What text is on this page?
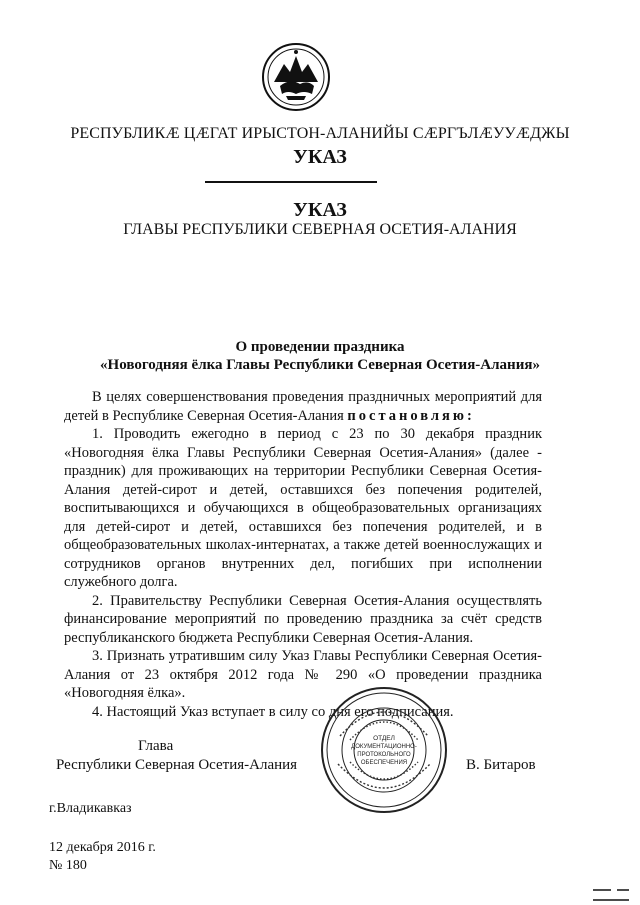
РЕСПУБЛИКӔ ЦӔГАТ ИРЫСТОН-АЛАНИЙЫ СӔРГЪЛӔУУӔДЖЫ
УКАЗ
УКАЗ
ГЛАВЫ РЕСПУБЛИКИ СЕВЕРНАЯ ОСЕТИЯ-АЛАНИЯ
О проведении праздника
«Новогодняя ёлка Главы Республики Северная Осетия-Алания»

В целях совершенствования проведения праздничных мероприятий для детей в Республике Северная Осетия-Алания постановляю:

1. Проводить ежегодно в период с 23 по 30 декабря праздник «Новогодняя ёлка Главы Республики Северная Осетия-Алания» (далее - праздник) для проживающих на территории Республики Северная Осетия-Алания детей-сирот и детей, оставшихся без попечения родителей, воспитывающихся и обучающихся в общеобразовательных организациях для детей-сирот и детей, оставшихся без попечения родителей, и в общеобразовательных школах-интернатах, а также детей военнослужащих и сотрудников органов внутренних дел, погибших при исполнении служебного долга.

2. Правительству Республики Северная Осетия-Алания осуществлять финансирование мероприятий по проведению праздника за счёт средств республиканского бюджета Республики Северная Осетия-Алания.

3. Признать утратившим силу Указ Главы Республики Северная Осетия-Алания от 23 октября 2012 года № 290 «О проведении праздника «Новогодняя ёлка».

4. Настоящий Указ вступает в силу со дня его подписания.

Глава
Республики Северная Осетия-Алания	В. Битаров
ОТДЕЛ
ДОКУМЕНТАЦИОННО-
ПРОТОКОЛЬНОГО
ОБЕСПЕЧЕНИЯ
г.Владикавказ
12 декабря 2016 г.
№ 180
